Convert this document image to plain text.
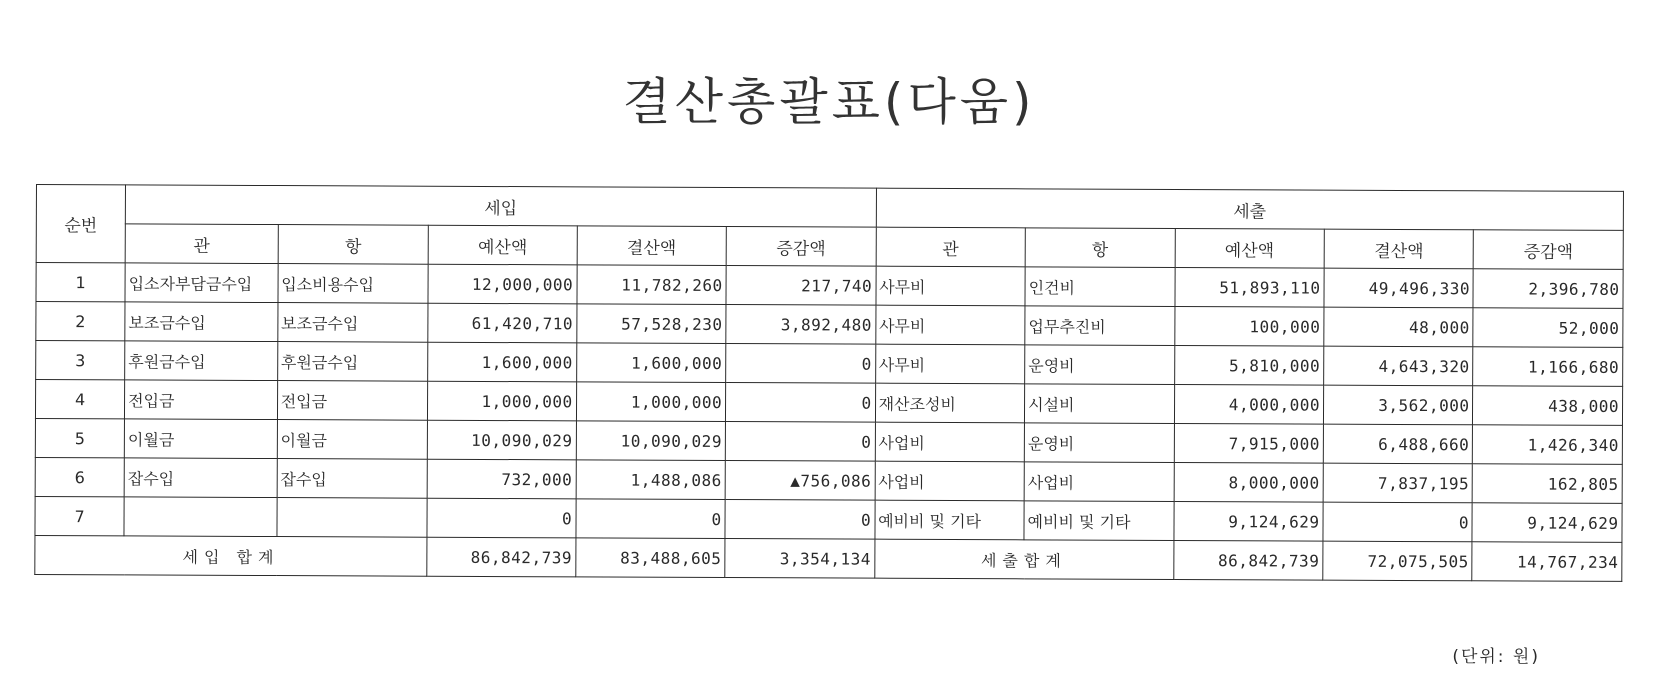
결산총괄표(다움)
순번	세입					세출				
	관	항	예산액	결산액	증감액	관	항	예산액	결산액	증감액
1	입소자부담금수입	입소비용수입	12,000,000	11,782,260	217,740	사무비	인건비	51,893,110	49,496,330	2,396,780
2	보조금수입	보조금수입	61,420,710	57,528,230	3,892,480	사무비	업무추진비	100,000	48,000	52,000
3	후원금수입	후원금수입	1,600,000	1,600,000	0	사무비	운영비	5,810,000	4,643,320	1,166,680
4	전입금	전입금	1,000,000	1,000,000	0	재산조성비	시설비	4,000,000	3,562,000	438,000
5	이월금	이월금	10,090,029	10,090,029	0	사업비	운영비	7,915,000	6,488,660	1,426,340
6	잡수입	잡수입	732,000	1,488,086	▲756,086	사업비	사업비	8,000,000	7,837,195	162,805
7			0	0	0	예비비 및 기타	예비비 및 기타	9,124,629	0	9,124,629
세입 합계			86,842,739	83,488,605	3,354,134	세출합계		86,842,739	72,075,505	14,767,234
(단위: 원)
